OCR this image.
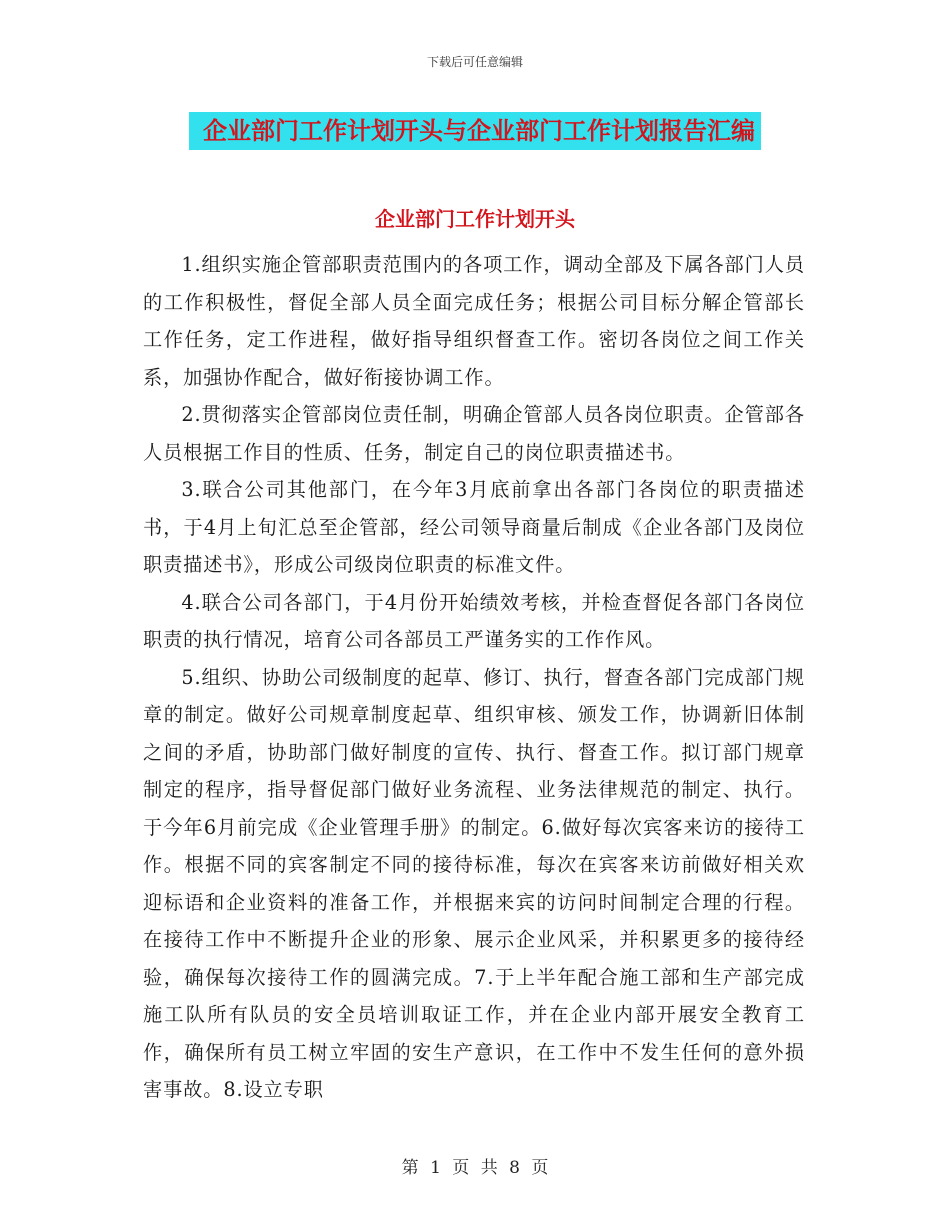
下载后可任意编辑
企业部门工作计划开头与企业部门工作计划报告汇编
企业部门工作计划开头

1.组织实施企管部职责范围内的各项工作，调动全部及下属各部门人员的工作积极性，督促全部人员全面完成任务；根据公司目标分解企管部长工作任务，定工作进程，做好指导组织督查工作。密切各岗位之间工作关系，加强协作配合，做好衔接协调工作。

2.贯彻落实企管部岗位责任制，明确企管部人员各岗位职责。企管部各人员根据工作目的性质、任务，制定自己的岗位职责描述书。

3.联合公司其他部门，在今年3月底前拿出各部门各岗位的职责描述书，于4月上旬汇总至企管部，经公司领导商量后制成《企业各部门及岗位职责描述书》，形成公司级岗位职责的标准文件。

4.联合公司各部门，于4月份开始绩效考核，并检查督促各部门各岗位职责的执行情况，培育公司各部员工严谨务实的工作作风。

5.组织、协助公司级制度的起草、修订、执行，督查各部门完成部门规章的制定。做好公司规章制度起草、组织审核、颁发工作，协调新旧体制之间的矛盾，协助部门做好制度的宣传、执行、督查工作。拟订部门规章制定的程序，指导督促部门做好业务流程、业务法律规范的制定、执行。于今年6月前完成《企业管理手册》的制定。6.做好每次宾客来访的接待工作。根据不同的宾客制定不同的接待标准，每次在宾客来访前做好相关欢迎标语和企业资料的准备工作，并根据来宾的访问时间制定合理的行程。在接待工作中不断提升企业的形象、展示企业风采，并积累更多的接待经验，确保每次接待工作的圆满完成。7.于上半年配合施工部和生产部完成施工队所有队员的安全员培训取证工作，并在企业内部开展安全教育工作，确保所有员工树立牢固的安生产意识，在工作中不发生任何的意外损害事故。8.设立专职

第 1 页 共 8 页
